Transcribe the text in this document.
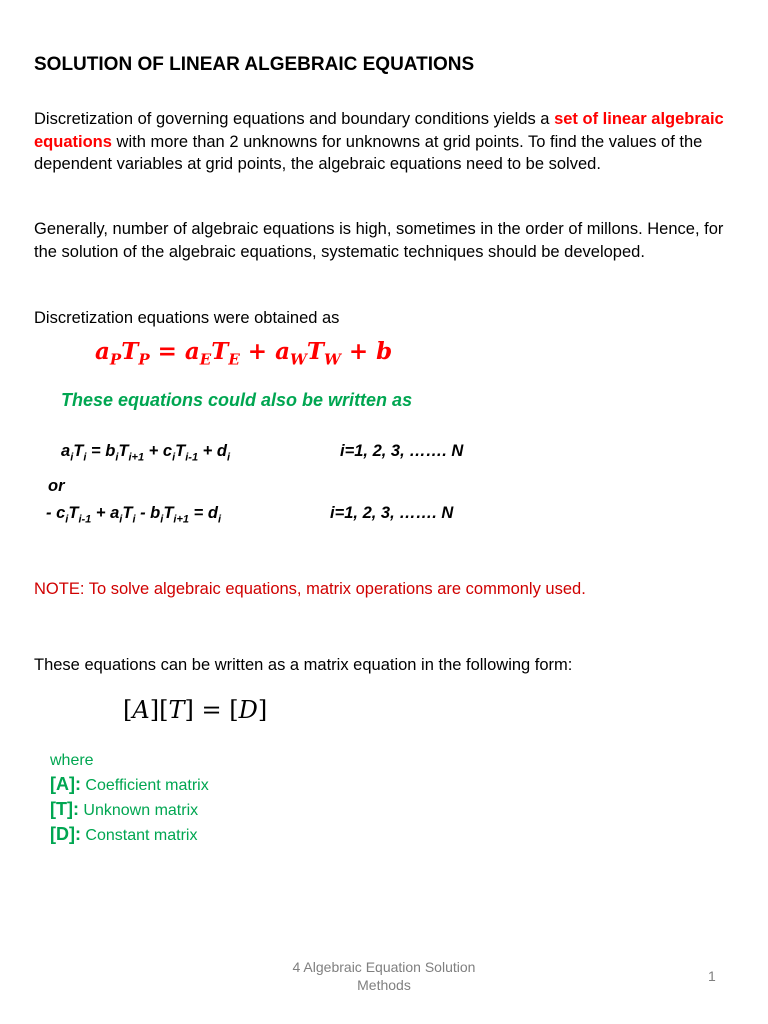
SOLUTION OF LINEAR ALGEBRAIC EQUATIONS
Discretization of governing equations and boundary conditions yields a set of linear algebraic equations with more than 2 unknowns for unknowns at grid points. To find the values of the dependent variables at grid points, the algebraic equations need to be solved.
Generally, number of algebraic equations is high, sometimes in the order of millons. Hence, for the solution of the algebraic equations, systematic techniques should be developed.
Discretization equations were obtained as
$a_PT_P = a_ET_E + a_WT_W + b$
These equations could also be written as
$a_iT_i = b_iT_{i+1} + c_iT_{i-1} + d_i$	i=1, 2, 3, ……. N
or
- $c_iT_{i-1} + a_iT_i - b_iT_{i+1} = d_i$	i=1, 2, 3, ……. N
NOTE: To solve algebraic equations, matrix operations are commonly used.
These equations can be written as a matrix equation in the following form:
[A][T] = [D]
where
[A]: Coefficient matrix
[T]: Unknown matrix
[D]: Constant matrix
4 Algebraic Equation Solution
Methods
1
